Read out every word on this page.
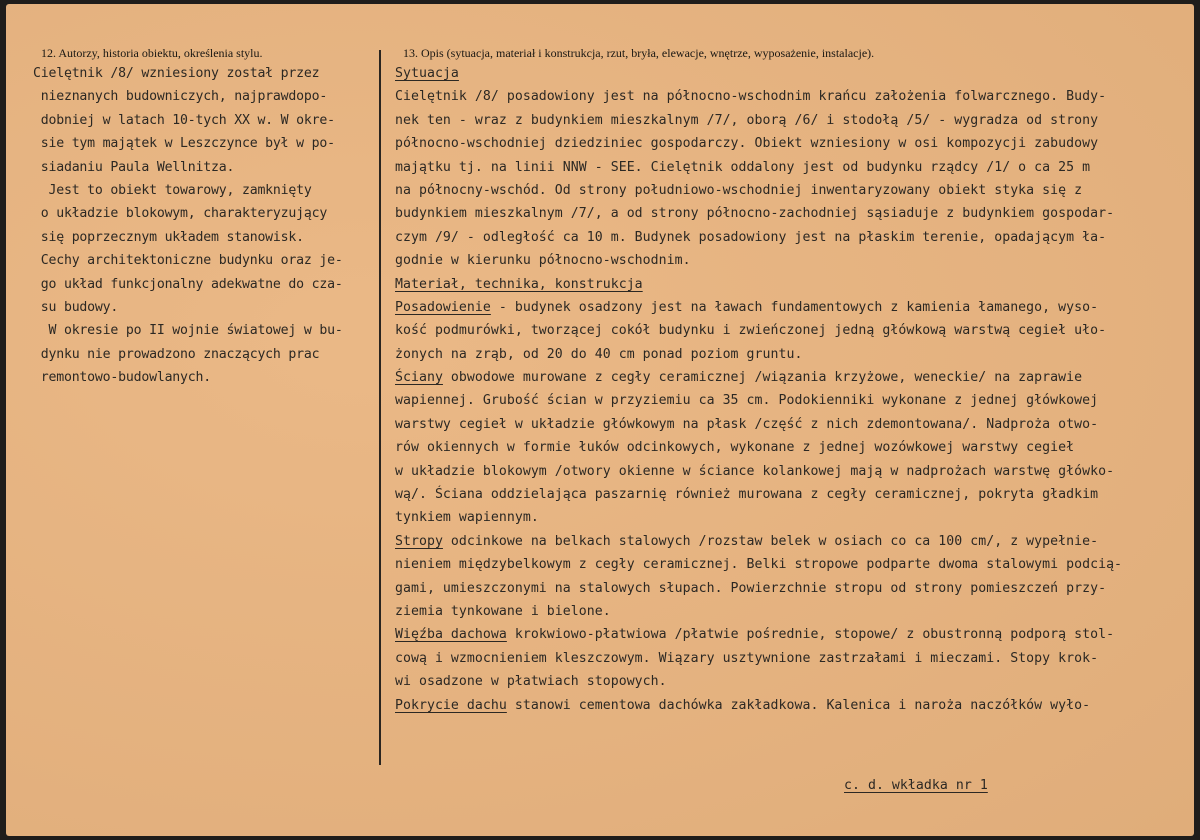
12. Autorzy, historia obiektu, określenia stylu.
Cielętnik /8/ wzniesiony został przez
nieznanych budowniczych, najprawdopo-
dobniej w latach 10-tych XX w. W okre-
sie tym majątek w Leszczynce był w po-
siadaniu Paula Wellnitza.
Jest to obiekt towarowy, zamknięty
o układzie blokowym, charakteryzujący
się poprzecznym układem stanowisk.
Cechy architektoniczne budynku oraz je-
go układ funkcjonalny adekwatne do cza-
su budowy.
W okresie po II wojnie światowej w bu-
dynku nie prowadzono znaczących prac
remontowo-budowlanych.
13. Opis (sytuacja, materiał i konstrukcja, rzut, bryła, elewacje, wnętrze, wyposażenie, instalacje).
Sytuacja
Cielętnik /8/ posadowiony jest na północno-wschodnim krańcu założenia folwarcznego. Budy-
nek ten - wraz z budynkiem mieszkalnym /7/, oborą /6/ i stodołą /5/ - wygradza od strony
północno-wschodniej dziedziniec gospodarczy. Obiekt wzniesiony w osi kompozycji zabudowy
majątku tj. na linii NNW - SEE. Cielętnik oddalony jest od budynku rządcy /1/ o ca 25 m
na północny-wschód. Od strony południowo-wschodniej inwentaryzowany obiekt styka się z
budynkiem mieszkalnym /7/, a od strony północno-zachodniej sąsiaduje z budynkiem gospodar-
czym /9/ - odległość ca 10 m. Budynek posadowiony jest na płaskim terenie, opadającym ła-
godnie w kierunku północno-wschodnim.
Materiał, technika, konstrukcja
Posadowienie - budynek osadzony jest na ławach fundamentowych z kamienia łamanego, wyso-
kość podmurówki, tworzącej cokół budynku i zwieńczonej jedną główkową warstwą cegieł uło-
żonych na zrąb, od 20 do 40 cm ponad poziom gruntu.
Ściany obwodowe murowane z cegły ceramicznej /wiązania krzyżowe, weneckie/ na zaprawie
wapiennej. Grubość ścian w przyziemiu ca 35 cm. Podokienniki wykonane z jednej główkowej
warstwy cegieł w układzie główkowym na płask /część z nich zdemontowana/. Nadproża otwo-
rów okiennych w formie łuków odcinkowych, wykonane z jednej wozówkowej warstwy cegieł
w układzie blokowym /otwory okienne w ściance kolankowej mają w nadprożach warstwę główko-
wą/. Ściana oddzielająca paszarnię również murowana z cegły ceramicznej, pokryta gładkim
tynkiem wapiennym.
Stropy odcinkowe na belkach stalowych /rozstaw belek w osiach co ca 100 cm/, z wypełnie-
nieniem międzybelkowym z cegły ceramicznej. Belki stropowe podparte dwoma stalowymi podcią-
gami, umieszczonymi na stalowych słupach. Powierzchnie stropu od strony pomieszczeń przy-
ziemia tynkowane i bielone.
Więźba dachowa krokwiowo-płatwiowa /płatwie pośrednie, stopowe/ z obustronną podporą stol-
cową i wzmocnieniem kleszczowym. Wiązary usztywnione zastrzałami i mieczami. Stopy krok-
wi osadzone w płatwiach stopowych.
Pokrycie dachu stanowi cementowa dachówka zakładkowa. Kalenica i naroża naczółków wyło-
c. d. wkładka nr 1
